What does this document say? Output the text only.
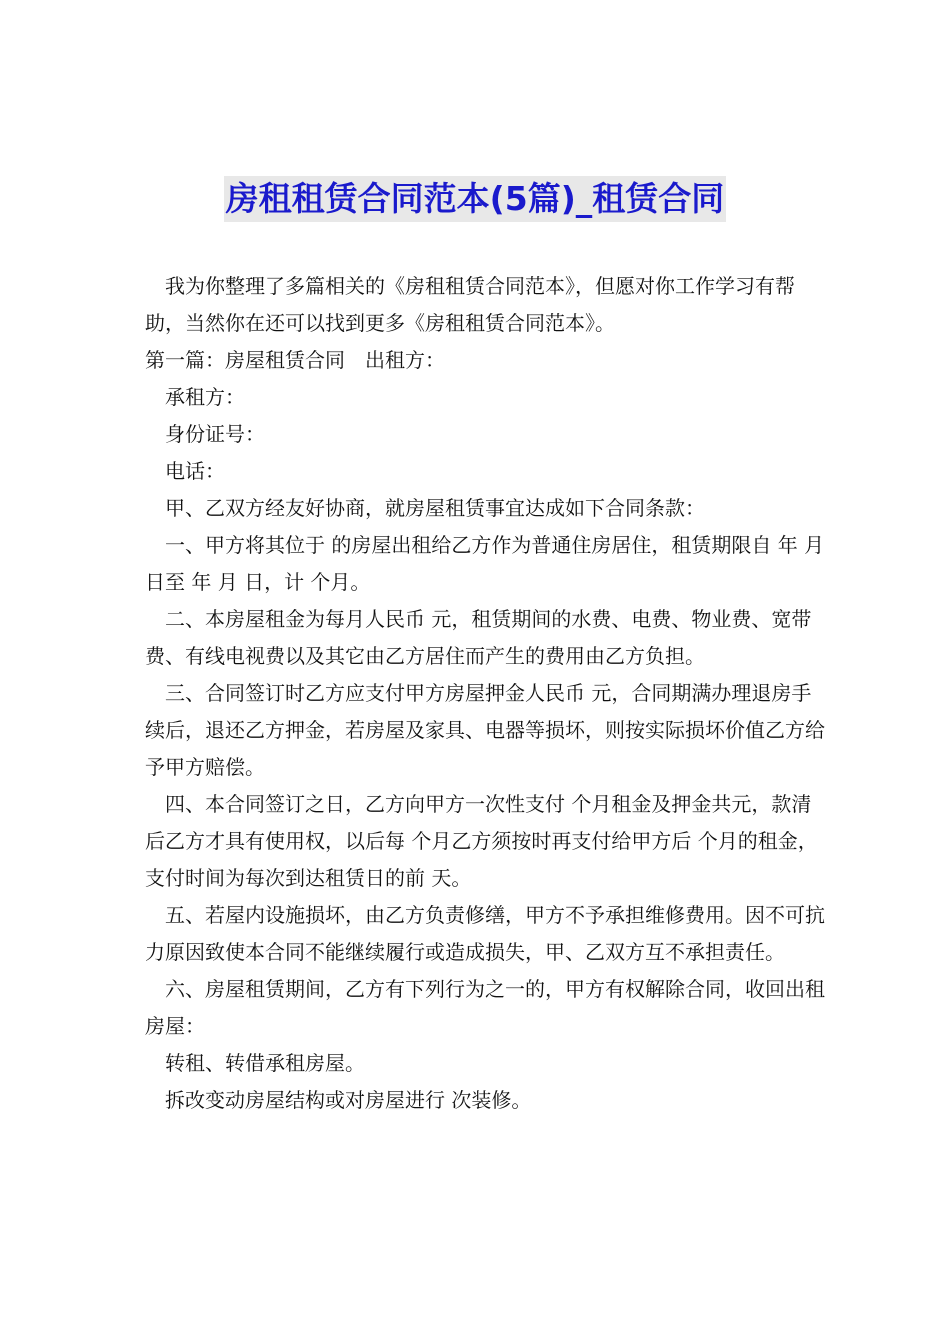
房租租赁合同范本(5篇)_租赁合同

我为你整理了多篇相关的《房租租赁合同范本》，但愿对你工作学习有帮助，当然你在还可以找到更多《房租租赁合同范本》。

第一篇：房屋租赁合同　出租方：

承租方：

身份证号：

电话：

甲、乙双方经友好协商，就房屋租赁事宜达成如下合同条款：

一、甲方将其位于 的房屋出租给乙方作为普通住房居住，租赁期限自 年 月 日至 年 月 日，计 个月。

二、本房屋租金为每月人民币 元，租赁期间的水费、电费、物业费、宽带费、有线电视费以及其它由乙方居住而产生的费用由乙方负担。

三、合同签订时乙方应支付甲方房屋押金人民币 元，合同期满办理退房手续后，退还乙方押金，若房屋及家具、电器等损坏，则按实际损坏价值乙方给予甲方赔偿。

四、本合同签订之日，乙方向甲方一次性支付 个月租金及押金共元，款清后乙方才具有使用权，以后每 个月乙方须按时再支付给甲方后 个月的租金，支付时间为每次到达租赁日的前 天。

五、若屋内设施损坏，由乙方负责修缮，甲方不予承担维修费用。因不可抗力原因致使本合同不能继续履行或造成损失，甲、乙双方互不承担责任。

六、房屋租赁期间，乙方有下列行为之一的，甲方有权解除合同，收回出租房屋：

转租、转借承租房屋。

拆改变动房屋结构或对房屋进行 次装修。
